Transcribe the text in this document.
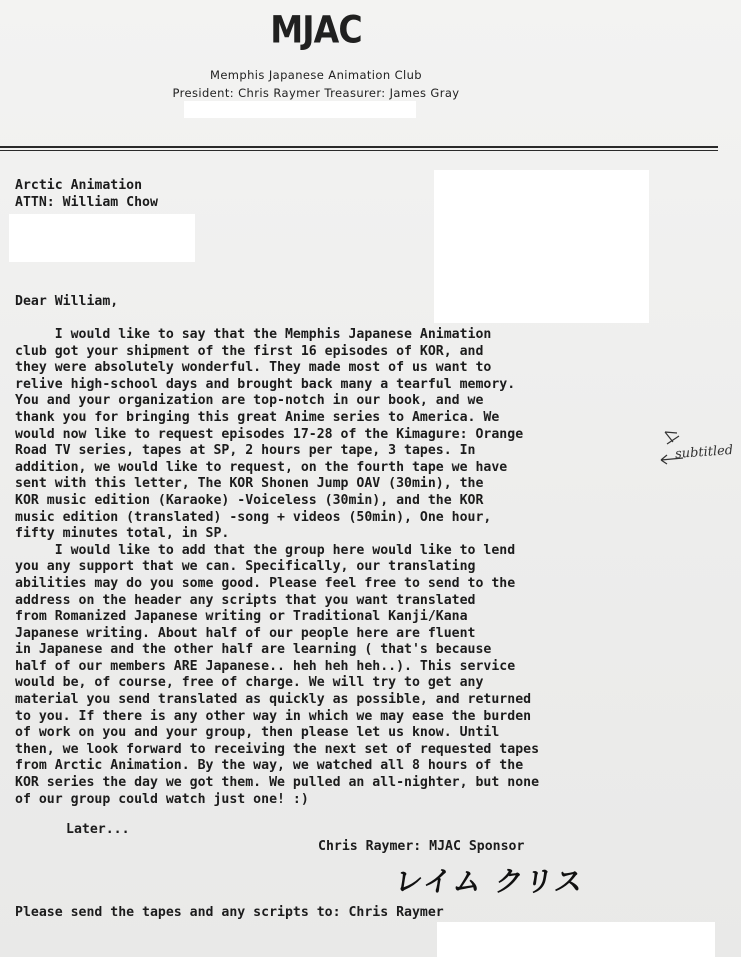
MJAC
Memphis Japanese Animation Club
President: Chris Raymer Treasurer: James Gray
Arctic Animation
ATTN: William Chow
Dear William,
I would like to say that the Memphis Japanese Animation
club got your shipment of the first 16 episodes of KOR, and
they were absolutely wonderful. They made most of us want to
relive high-school days and brought back many a tearful memory.
You and your organization are top-notch in our book, and we
thank you for bringing this great Anime series to America. We
would now like to request episodes 17-28 of the Kimagure: Orange
Road TV series, tapes at SP, 2 hours per tape, 3 tapes. In
addition, we would like to request, on the fourth tape we have
sent with this letter, The KOR Shonen Jump OAV (30min), the
KOR music edition (Karaoke) -Voiceless (30min), and the KOR
music edition (translated) -song + videos (50min), One hour,
fifty minutes total, in SP.
I would like to add that the group here would like to lend
you any support that we can. Specifically, our translating
abilities may do you some good. Please feel free to send to the
address on the header any scripts that you want translated
from Romanized Japanese writing or Traditional Kanji/Kana
Japanese writing. About half of our people here are fluent
in Japanese and the other half are learning ( that's because
half of our members ARE Japanese.. heh heh heh..). This service
would be, of course, free of charge. We will try to get any
material you send translated as quickly as possible, and returned
to you. If there is any other way in which we may ease the burden
of work on you and your group, then please let us know. Until
then, we look forward to receiving the next set of requested tapes
from Arctic Animation. By the way, we watched all 8 hours of the
KOR series the day we got them. We pulled an all-nighter, but none
of our group could watch just one! :)
subtitled
Later...
Chris Raymer: MJAC Sponsor
レイム クリス
Please send the tapes and any scripts to: Chris Raymer
